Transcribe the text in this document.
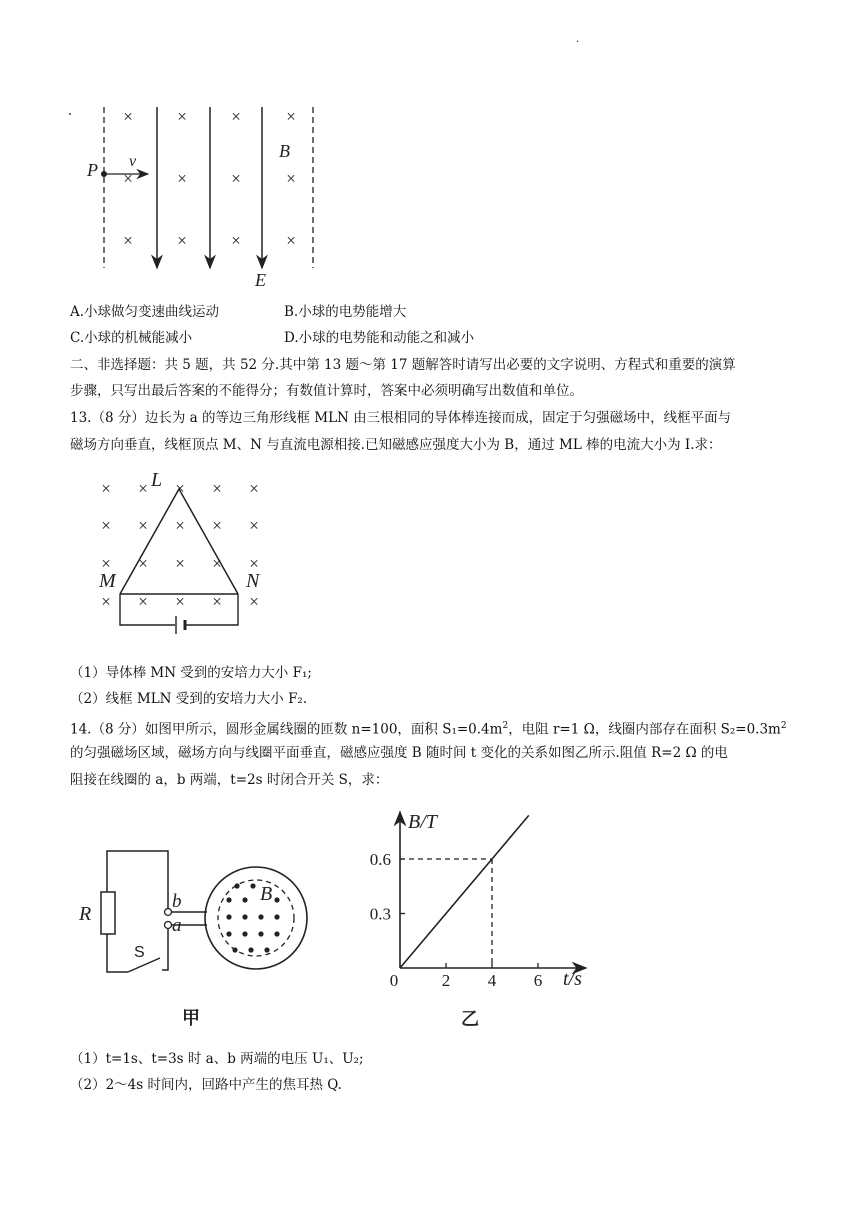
·
×
×
×
×
×
×
×
×
×
×
×
×
P v
B
E
A.小球做匀变速曲线运动	B.小球的电势能增大
C.小球的机械能减小	D.小球的电势能和动能之和减小
二、非选择题：共 5 题，共 52 分.其中第 13 题～第 17 题解答时请写出必要的文字说明、方程式和重要的演算
步骤，只写出最后答案的不能得分；有数值计算时，答案中必须明确写出数值和单位。
13.（8 分）边长为 a 的等边三角形线框 MLN 由三根相同的导体棒连接而成，固定于匀强磁场中，线框平面与
磁场方向垂直，线框顶点 M、N 与直流电源相接.已知磁感应强度大小为 B，通过 ML 棒的电流大小为 I.求：
× ×	× ×
× × × × ×
× × × × ×
× × × × ×
×
L
M	N
（1）导体棒 MN 受到的安培力大小 F₁;
（2）线框 MLN 受到的安培力大小 F₂.
14.（8 分）如图甲所示，圆形金属线圈的匝数 n=100，面积 $S_1=0.4m^2$，电阻 r=1 Ω，线圈内部存在面积 $S_2=0.3m^2$
的匀强磁场区域，磁场方向与线圈平面垂直，磁感应强度 B 随时间 t 变化的关系如图乙所示.阻值 R=2 Ω 的电
阻接在线圈的 a，b 两端，t=2s 时闭合开关 S，求：
R
S
b
a
B
甲
0	2 4 6
0.3
0.6
B/T
t/s
乙
（1）t=1s、t=3s 时 a、b 两端的电压 U₁、U₂;
（2）2～4s 时间内，回路中产生的焦耳热 Q.
